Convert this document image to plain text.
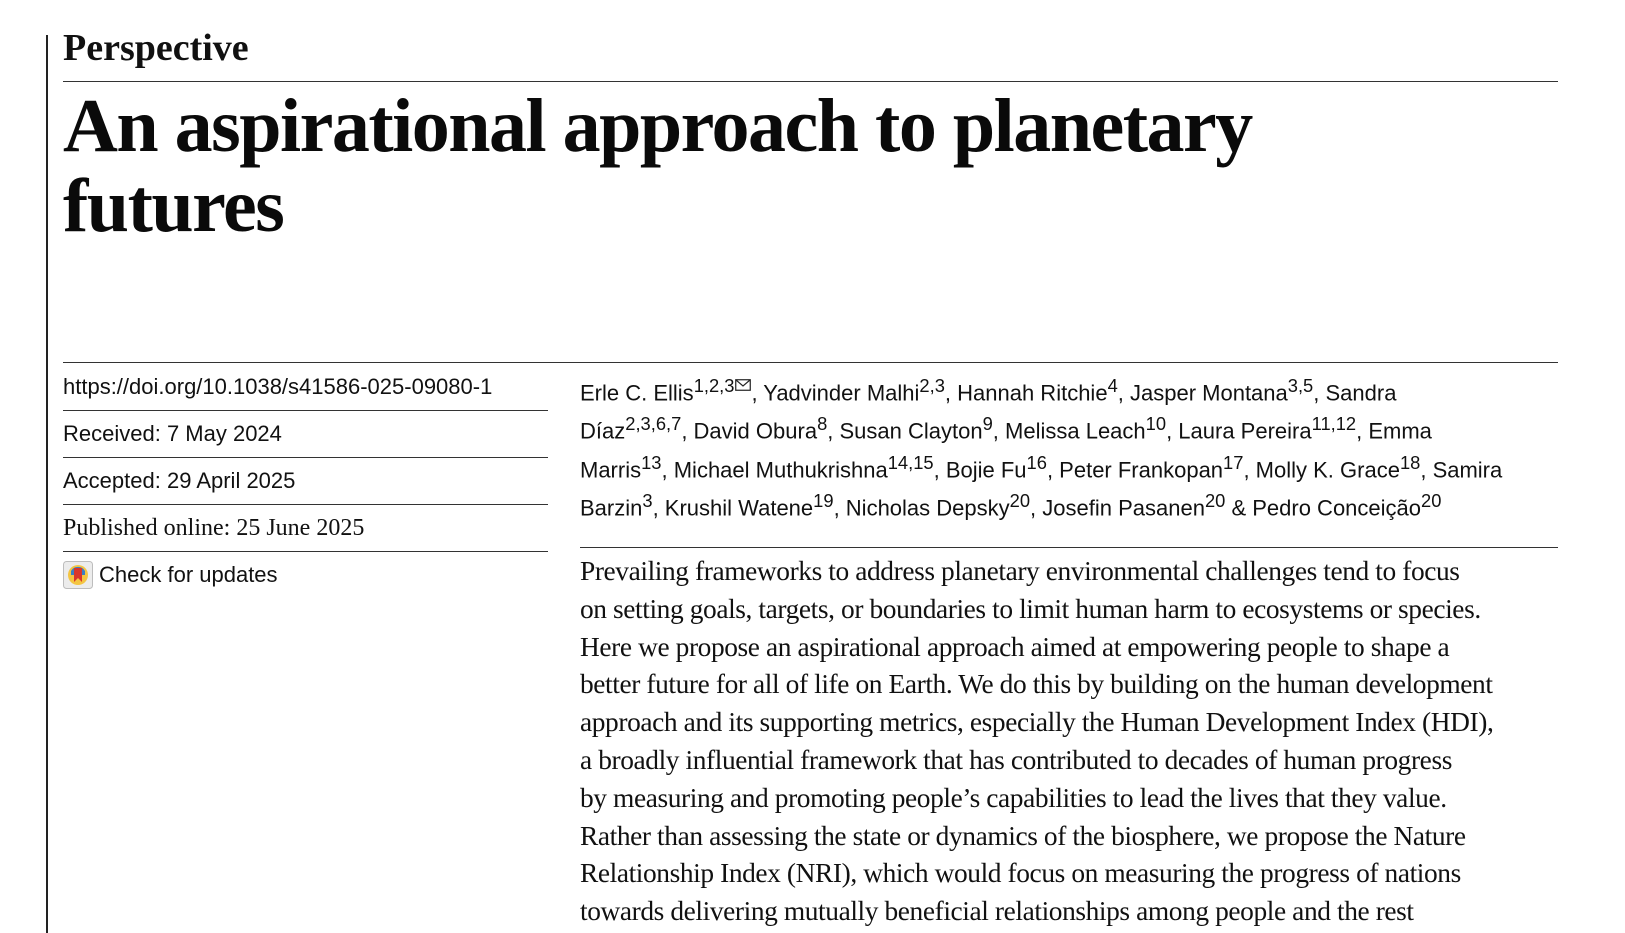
Perspective
An aspirational approach to planetary
futures
https://doi.org/10.1038/s41586-025-09080-1
Received: 7 May 2024
Accepted: 29 April 2025
Published online: 25 June 2025
Check for updates
Erle C. Ellis$^{1,2,3}$ , Yadvinder Malhi$^{2,3}$, Hannah Ritchie$^4$, Jasper Montana$^{3,5}$, Sandra Díaz$^{2,3,6,7}$, David Obura$^8$, Susan Clayton$^9$, Melissa Leach$^{10}$, Laura Pereira$^{11,12}$, Emma Marris$^{13}$, Michael Muthukrishna$^{14,15}$, Bojie Fu$^{16}$, Peter Frankopan$^{17}$, Molly K. Grace$^{18}$, Samira Barzin$^3$, Krushil Watene$^{19}$, Nicholas Depsky$^{20}$, Josefin Pasanen$^{20}$ & Pedro Conceição$^{20}$

Prevailing frameworks to address planetary environmental challenges tend to focus
on setting goals, targets, or boundaries to limit human harm to ecosystems or species.
Here we propose an aspirational approach aimed at empowering people to shape a
better future for all of life on Earth. We do this by building on the human development
approach and its supporting metrics, especially the Human Development Index (HDI),
a broadly influential framework that has contributed to decades of human progress
by measuring and promoting people’s capabilities to lead the lives that they value.
Rather than assessing the state or dynamics of the biosphere, we propose the Nature
Relationship Index (NRI), which would focus on measuring the progress of nations
towards delivering mutually beneficial relationships among people and the rest
